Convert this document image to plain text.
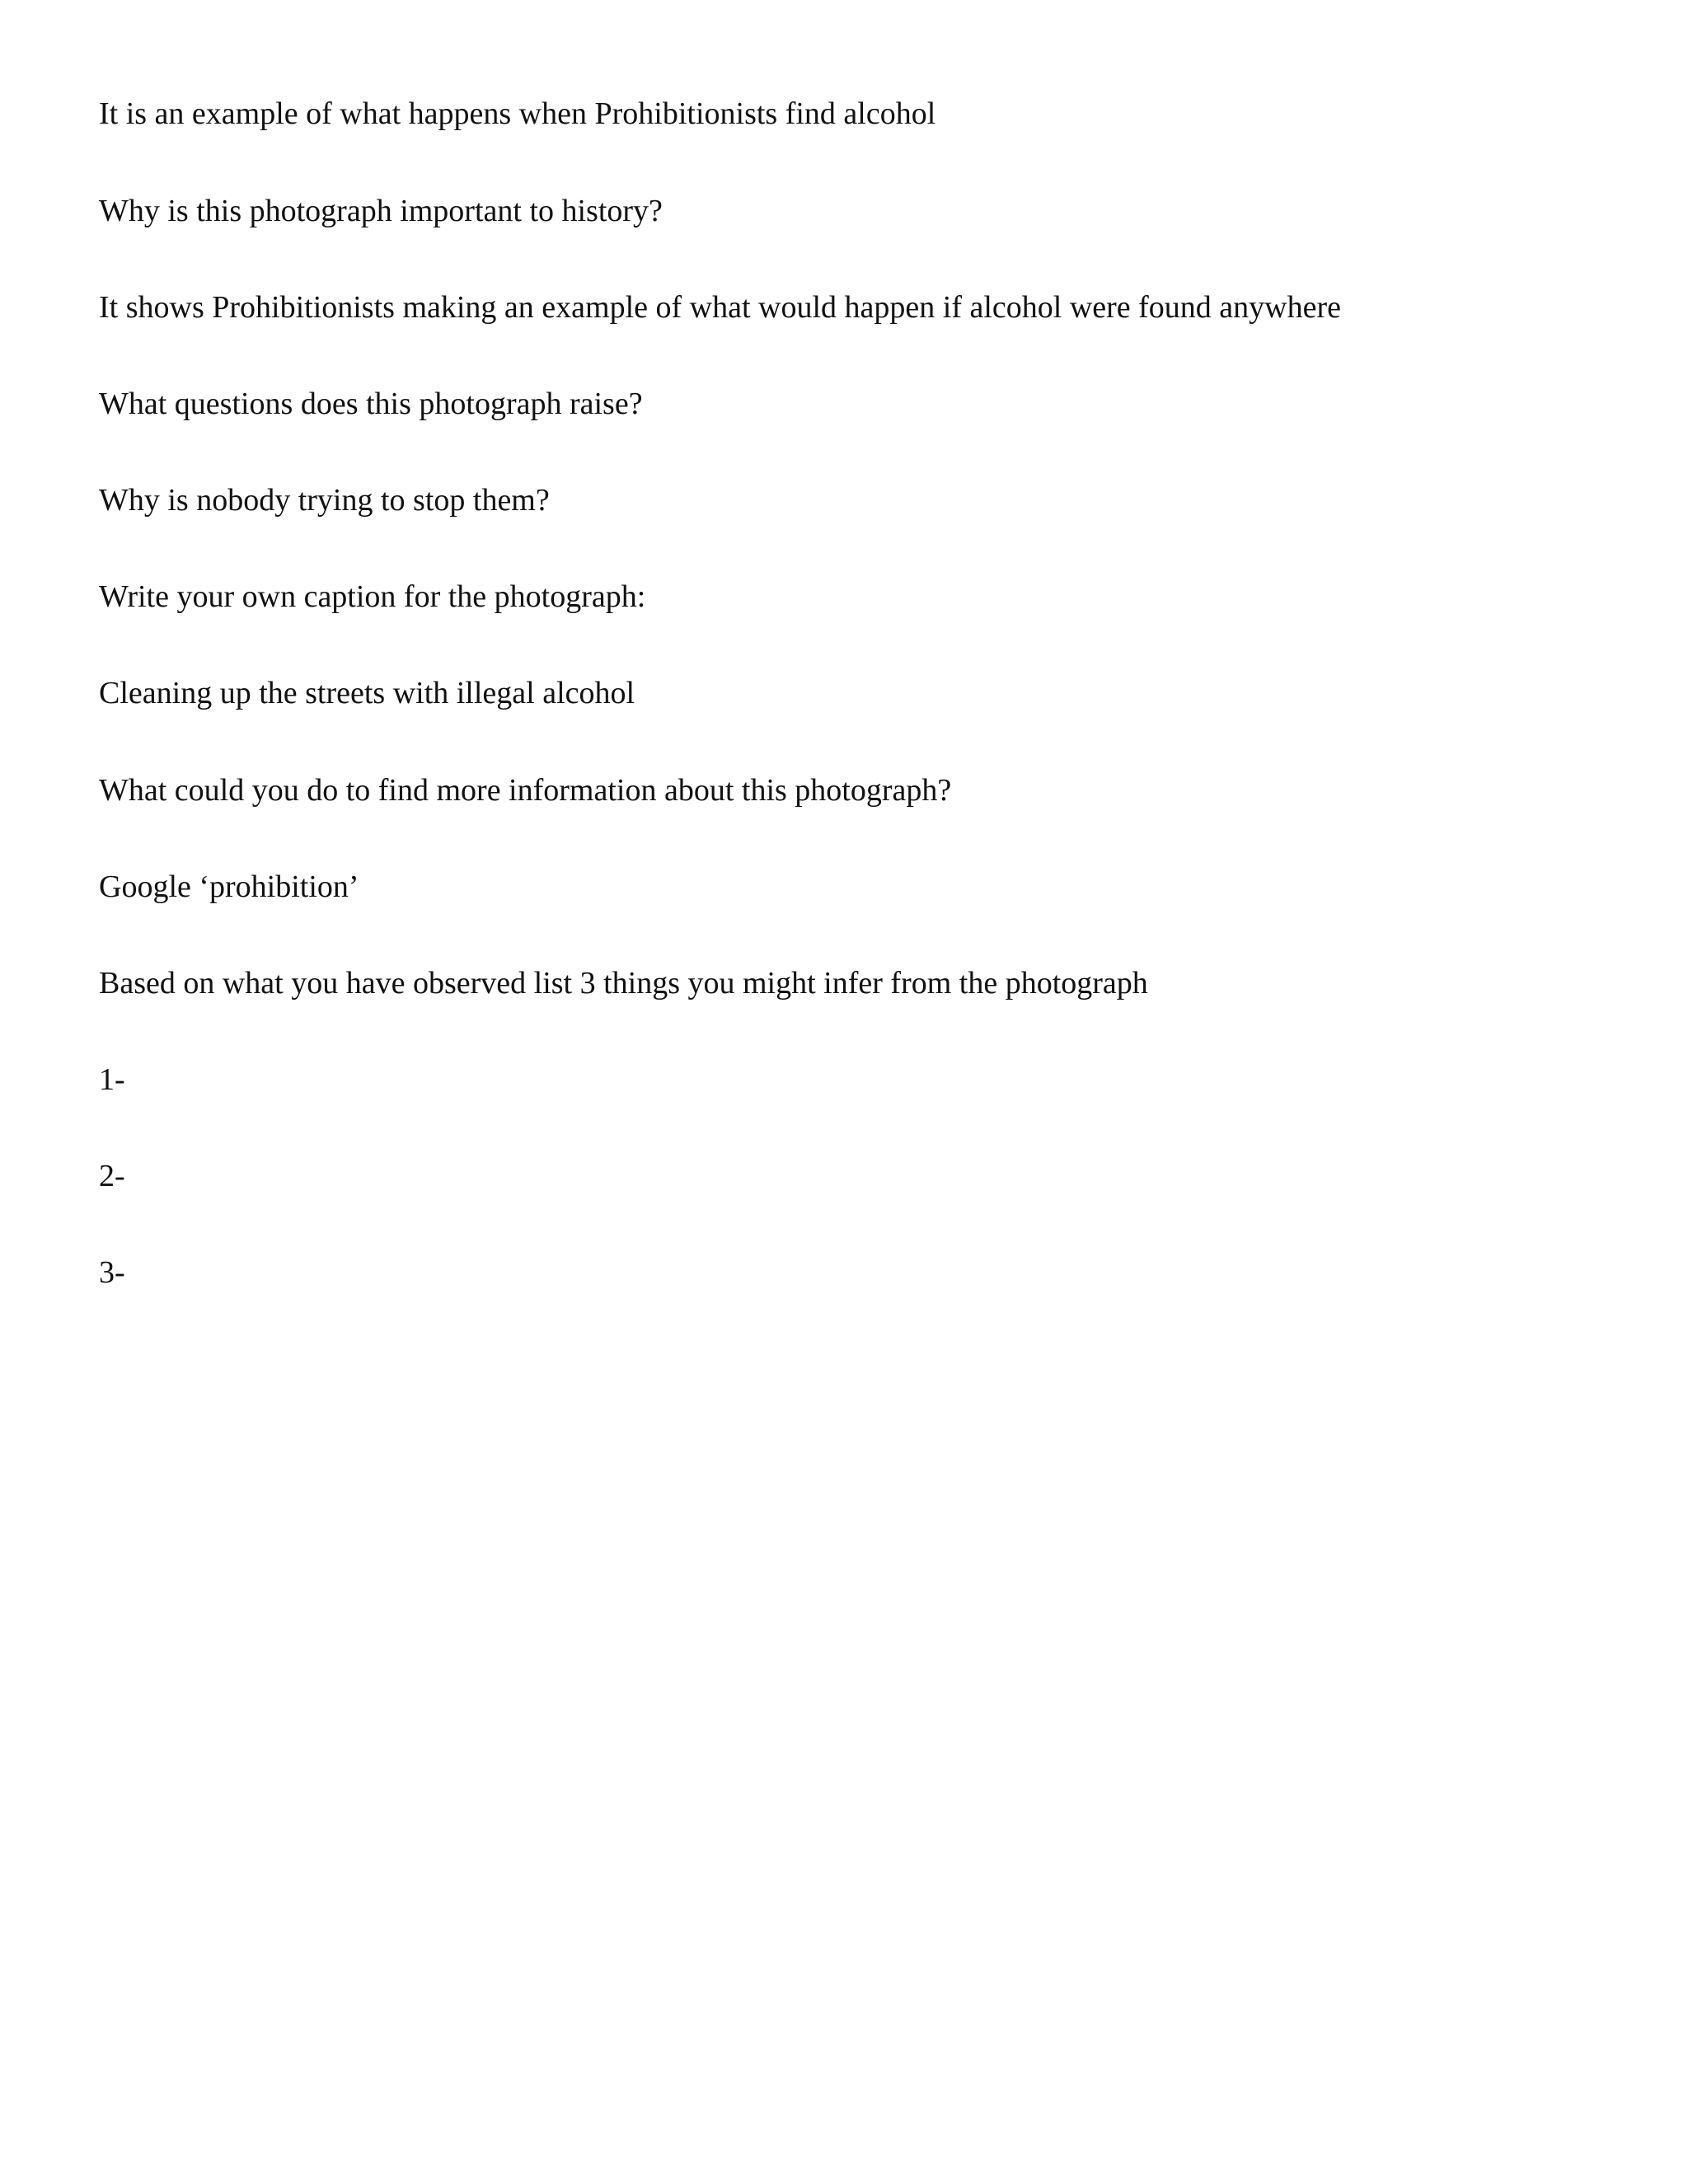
It is an example of what happens when Prohibitionists find alcohol

Why is this photograph important to history?

It shows Prohibitionists making an example of what would happen if alcohol were found anywhere

What questions does this photograph raise?

Why is nobody trying to stop them?

Write your own caption for the photograph:

Cleaning up the streets with illegal alcohol

What could you do to find more information about this photograph?

Google ‘prohibition’

Based on what you have observed list 3 things you might infer from the photograph

1-

2-

3-
